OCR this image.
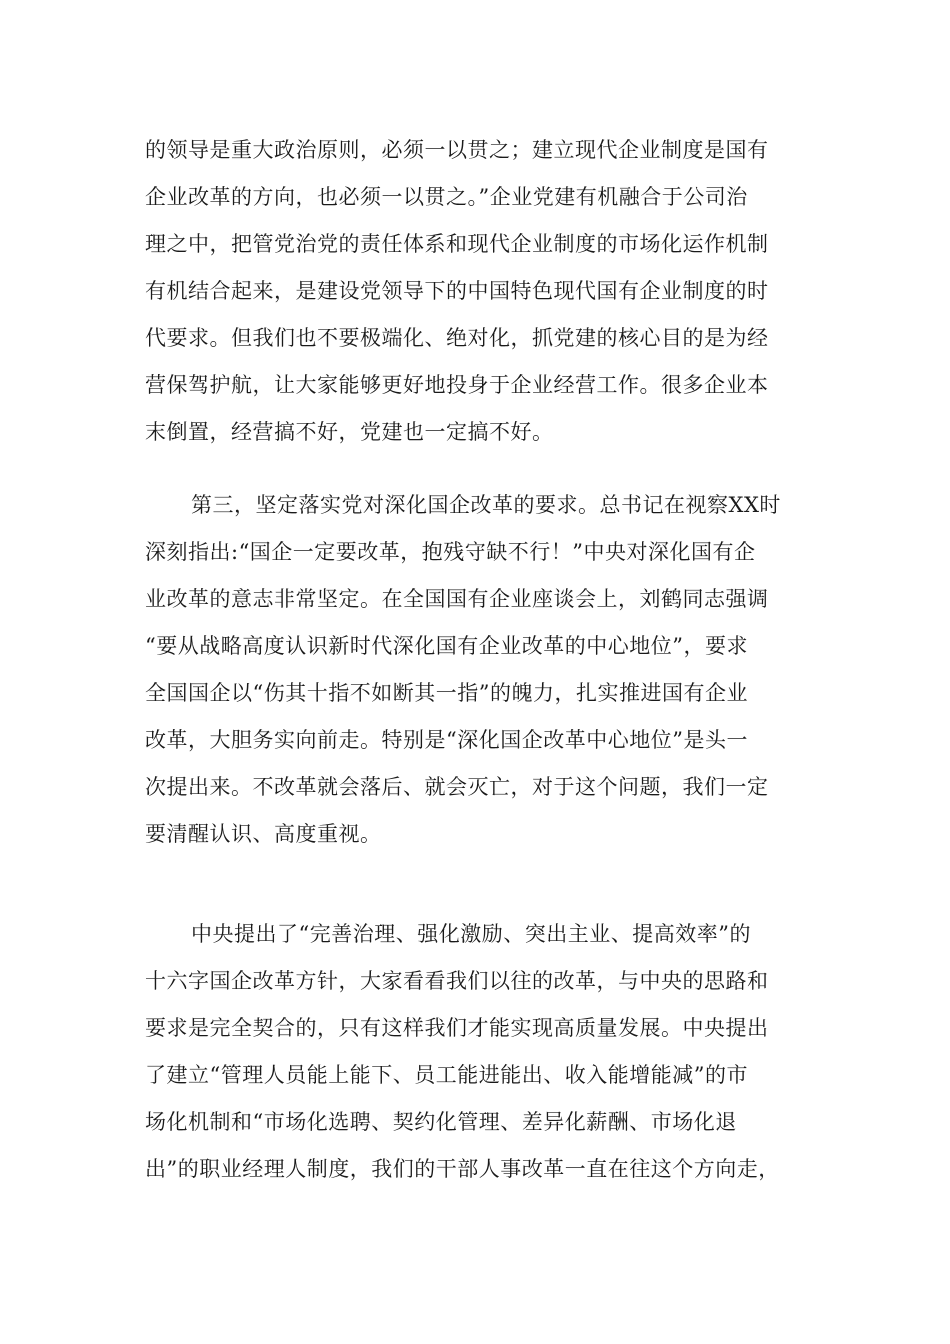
的领导是重大政治原则，必须一以贯之；建立现代企业制度是国有
企业改革的方向，也必须一以贯之。”企业党建有机融合于公司治
理之中，把管党治党的责任体系和现代企业制度的市场化运作机制
有机结合起来，是建设党领导下的中国特色现代国有企业制度的时
代要求。但我们也不要极端化、绝对化，抓党建的核心目的是为经
营保驾护航，让大家能够更好地投身于企业经营工作。很多企业本
末倒置，经营搞不好，党建也一定搞不好。
第三，坚定落实党对深化国企改革的要求。总书记在视察XX时
深刻指出:“国企一定要改革，抱残守缺不行！”中央对深化国有企
业改革的意志非常坚定。在全国国有企业座谈会上，刘鹤同志强调
“要从战略高度认识新时代深化国有企业改革的中心地位”，要求
全国国企以“伤其十指不如断其一指”的魄力，扎实推进国有企业
改革，大胆务实向前走。特别是“深化国企改革中心地位”是头一
次提出来。不改革就会落后、就会灭亡，对于这个问题，我们一定
要清醒认识、高度重视。
中央提出了“完善治理、强化激励、突出主业、提高效率”的
十六字国企改革方针，大家看看我们以往的改革，与中央的思路和
要求是完全契合的，只有这样我们才能实现高质量发展。中央提出
了建立“管理人员能上能下、员工能进能出、收入能增能减”的市
场化机制和“市场化选聘、契约化管理、差异化薪酬、市场化退
出”的职业经理人制度，我们的干部人事改革一直在往这个方向走，
